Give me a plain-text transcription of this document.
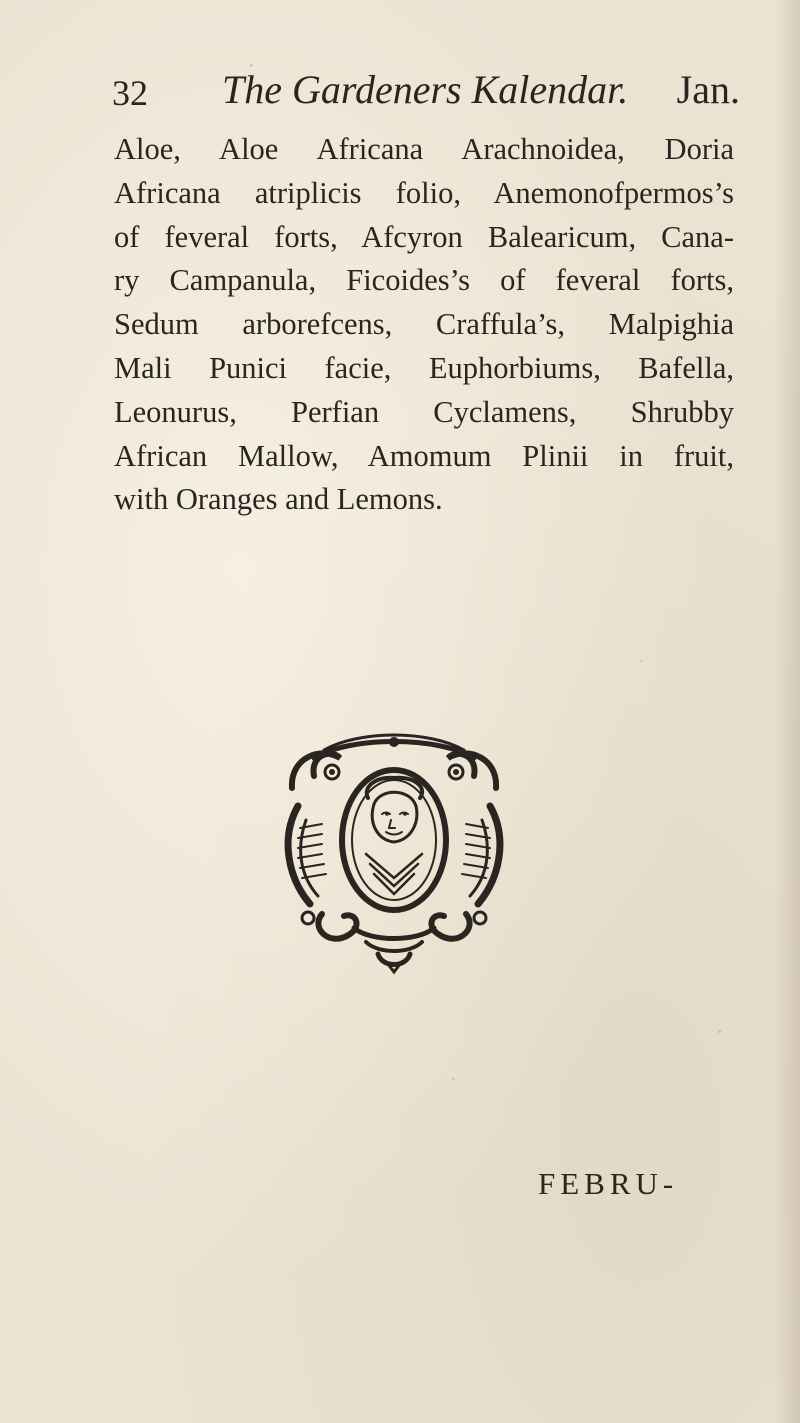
32 The Gardeners Kalendar. Jan.
Aloe, Aloe Africana Arachnoidea, Doria
Africana atriplicis folio, Anemonofpermos’s
of feveral forts, Afcyron Balearicum, Cana-
ry Campanula, Ficoides’s of feveral forts,
Sedum arborefcens, Craffula’s, Malpighia
Mali Punici facie, Euphorbiums, Bafella,
Leonurus, Perfian Cyclamens, Shrubby
African Mallow, Amomum Plinii in fruit,
with Oranges and Lemons.
FEBRU-
